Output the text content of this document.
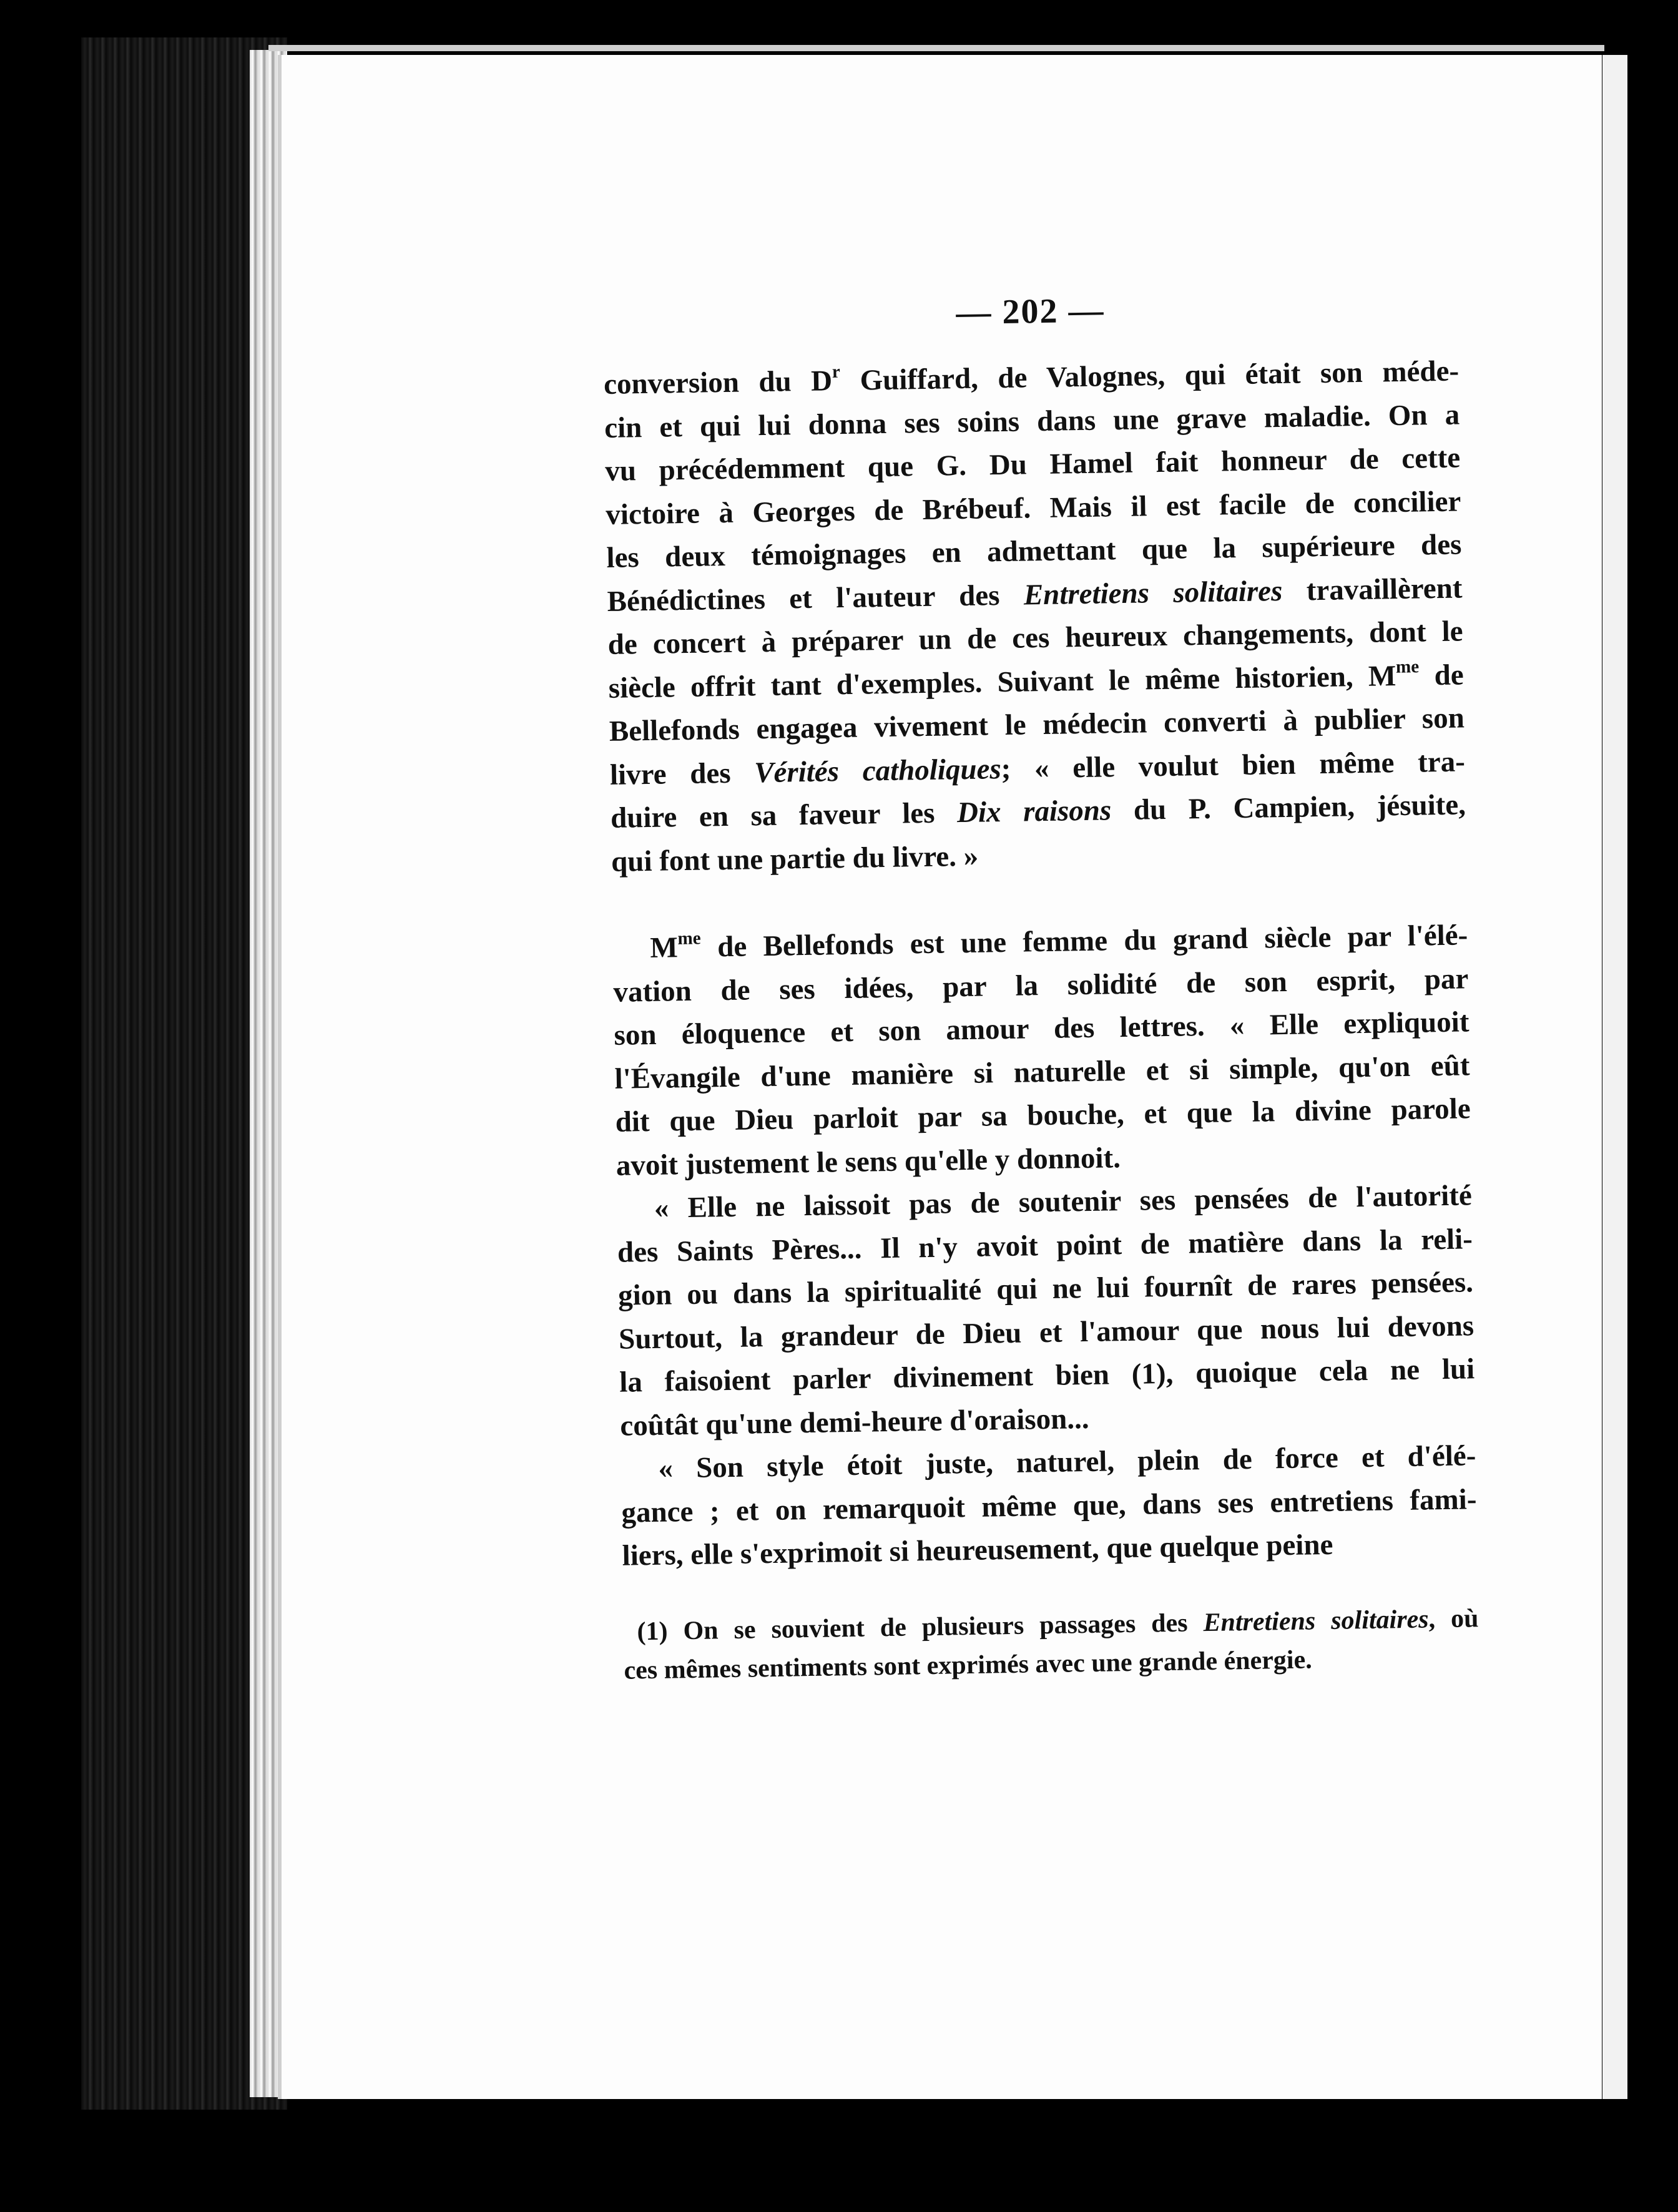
— 202 —
conversion du $D^r$ Guiffard, de Valognes, qui était son méde-
cin et qui lui donna ses soins dans une grave maladie. On a
vu précédemment que G. Du Hamel fait honneur de cette
victoire à Georges de Brébeuf. Mais il est facile de concilier
les deux témoignages en admettant que la supérieure des
Bénédictines et l'auteur des Entretiens solitaires travaillèrent
de concert à préparer un de ces heureux changements, dont le
siècle offrit tant d'exemples. Suivant le même historien, $M^{me}$ de
Bellefonds engagea vivement le médecin converti à publier son
livre des Vérités catholiques; « elle voulut bien même tra-
duire en sa faveur les Dix raisons du P. Campien, jésuite,
qui font une partie du livre. »
$M^{me}$ de Bellefonds est une femme du grand siècle par l'élé-
vation de ses idées, par la solidité de son esprit, par
son éloquence et son amour des lettres. « Elle expliquoit
l'Évangile d'une manière si naturelle et si simple, qu'on eût
dit que Dieu parloit par sa bouche, et que la divine parole
avoit justement le sens qu'elle y donnoit.
« Elle ne laissoit pas de soutenir ses pensées de l'autorité
des Saints Pères... Il n'y avoit point de matière dans la reli-
gion ou dans la spiritualité qui ne lui fournît de rares pensées.
Surtout, la grandeur de Dieu et l'amour que nous lui devons
la faisoient parler divinement bien (1), quoique cela ne lui
coûtât qu'une demi-heure d'oraison...
« Son style étoit juste, naturel, plein de force et d'élé-
gance ; et on remarquoit même que, dans ses entretiens fami-
liers, elle s'exprimoit si heureusement, que quelque peine
(1) On se souvient de plusieurs passages des Entretiens solitaires, où
ces mêmes sentiments sont exprimés avec une grande énergie.
